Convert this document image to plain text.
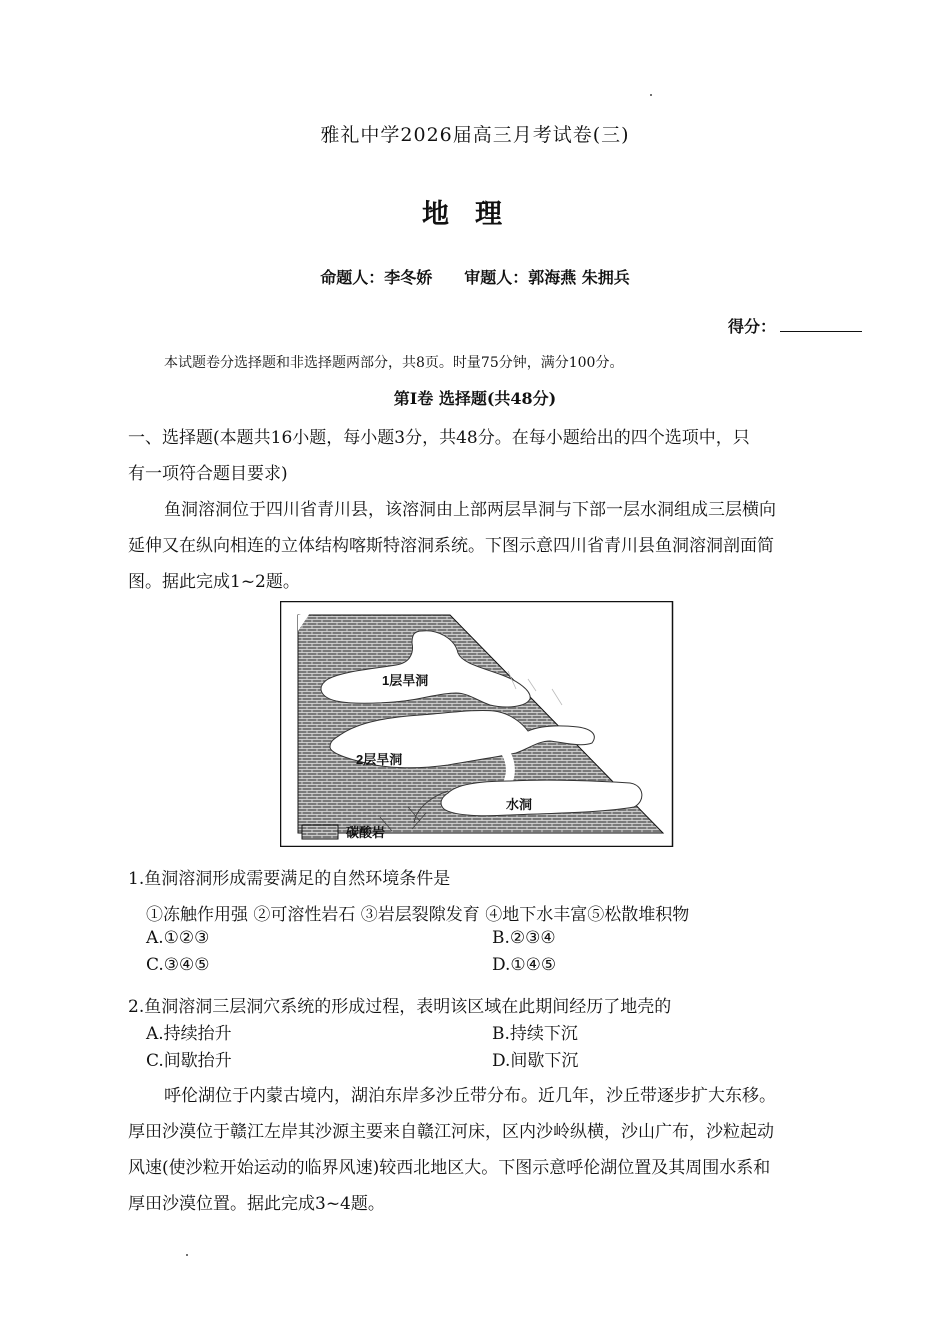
雅礼中学2026届高三月考试卷(三)
地理
命题人：李冬娇 审题人：郭海燕 朱拥兵
得分：
本试题卷分选择题和非选择题两部分，共8页。时量75分钟，满分100分。
第Ⅰ卷 选择题(共48分)
一、选择题(本题共16小题，每小题3分，共48分。在每小题给出的四个选项中，只
有一项符合题目要求)
鱼洞溶洞位于四川省青川县，该溶洞由上部两层旱洞与下部一层水洞组成三层横向
延伸又在纵向相连的立体结构喀斯特溶洞系统。下图示意四川省青川县鱼洞溶洞剖面简
图。据此完成1~2题。
1层旱洞
2层旱洞
水洞
碳酸岩
1.鱼洞溶洞形成需要满足的自然环境条件是
①冻触作用强 ②可溶性岩石 ③岩层裂隙发育 ④地下水丰富⑤松散堆积物
A.①②③	B.②③④
C.③④⑤	D.①④⑤
2.鱼洞溶洞三层洞穴系统的形成过程，表明该区域在此期间经历了地壳的
A.持续抬升	B.持续下沉
C.间歇抬升	D.间歇下沉
呼伦湖位于内蒙古境内，湖泊东岸多沙丘带分布。近几年，沙丘带逐步扩大东移。
厚田沙漠位于赣江左岸其沙源主要来自赣江河床，区内沙岭纵横，沙山广布，沙粒起动
风速(使沙粒开始运动的临界风速)较西北地区大。下图示意呼伦湖位置及其周围水系和
厚田沙漠位置。据此完成3~4题。
